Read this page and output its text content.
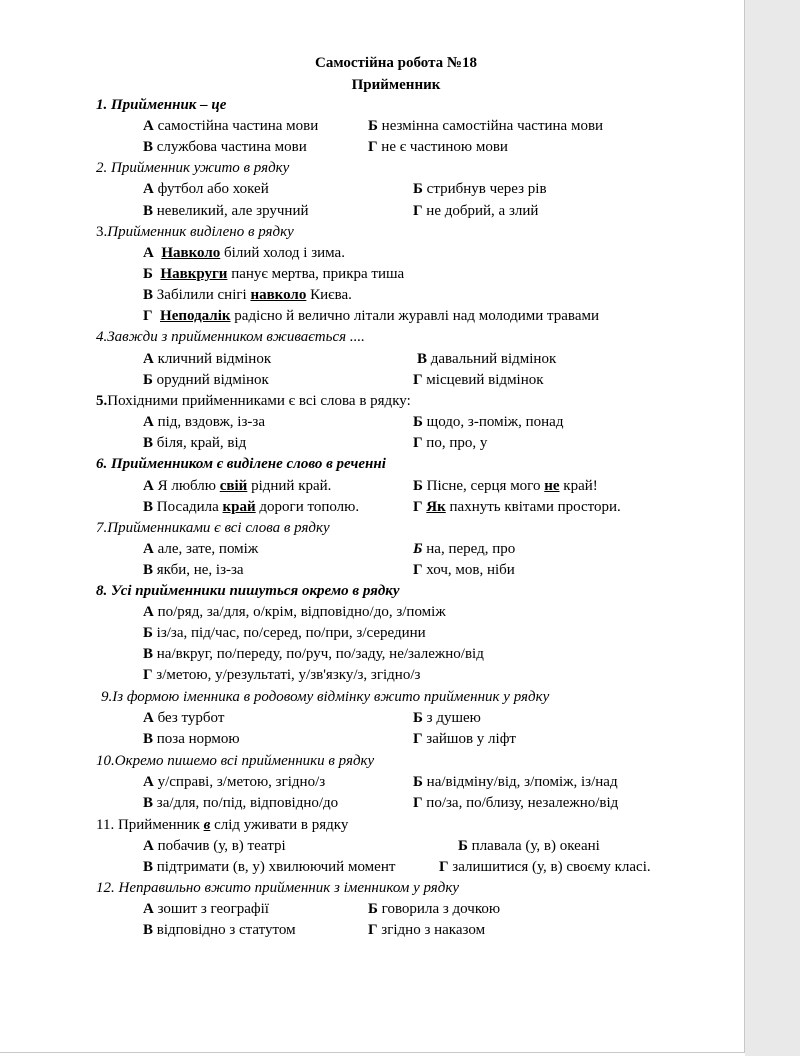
Самостійна робота №18
Прийменник
1. Прийменник – це
А самостійна частина мови	Б незмінна самостійна частина мови
В службова частина мови	Г не є частиною мови
2. Прийменник ужито в рядку
А футбол або хокей	Б стрибнув через рів
В невеликий, але зручний	Г не добрий, а злий
3.Прийменник виділено в рядку
А Навколо білий холод і зима.
Б Навкруги панує мертва, прикра тиша
В Забілили снігі навколо Києва.
Г Неподалік радісно й велично літали журавлі над молодими травами
4.Завжди з прийменником вживається ....
А кличний відмінок	В давальний відмінок
Б орудний відмінок	Г місцевий відмінок
5.Похідними прийменниками є всі слова в рядку:
А під, вздовж, із-за	Б щодо, з-поміж, понад
В біля, край, від	Г по, про, у
6. Прийменником є виділене слово в реченні
А Я люблю свій рідний край.	Б Пісне, серця мого не край!
В Посадила край дороги тополю.	Г Як пахнуть квітами простори.
7.Прийменниками є всі слова в рядку
А але, зате, поміж	Б на, перед, про
В якби, не, із-за	Г хоч, мов, ніби
8. Усі прийменники пишуться окремо в рядку
А по/ряд, за/для, о/крім, відповідно/до, з/поміж
Б із/за, під/час, по/серед, по/при, з/середини
В на/вкруг, по/переду, по/руч, по/заду, не/залежно/від
Г з/метою, у/результаті, у/зв'язку/з, згідно/з
9.Із формою іменника в родовому відмінку вжито прийменник у рядку
А без турбот	Б з душею
В поза нормою	Г зайшов у ліфт
10.Окремо пишемо всі прийменники в рядку
А у/справі, з/метою, згідно/з	Б на/відміну/від, з/поміж, із/над
В за/для, по/під, відповідно/до	Г по/за, по/близу, незалежно/від
11. Прийменник в слід уживати в рядку
А побачив (у, в) театрі	Б плавала (у, в) океані
В підтримати (в, у) хвилюючий момент	Г залишитися (у, в) своєму класі.
12. Неправильно вжито прийменник з іменником у рядку
А зошит з географії	Б говорила з дочкою
В відповідно з статутом	Г згідно з наказом
